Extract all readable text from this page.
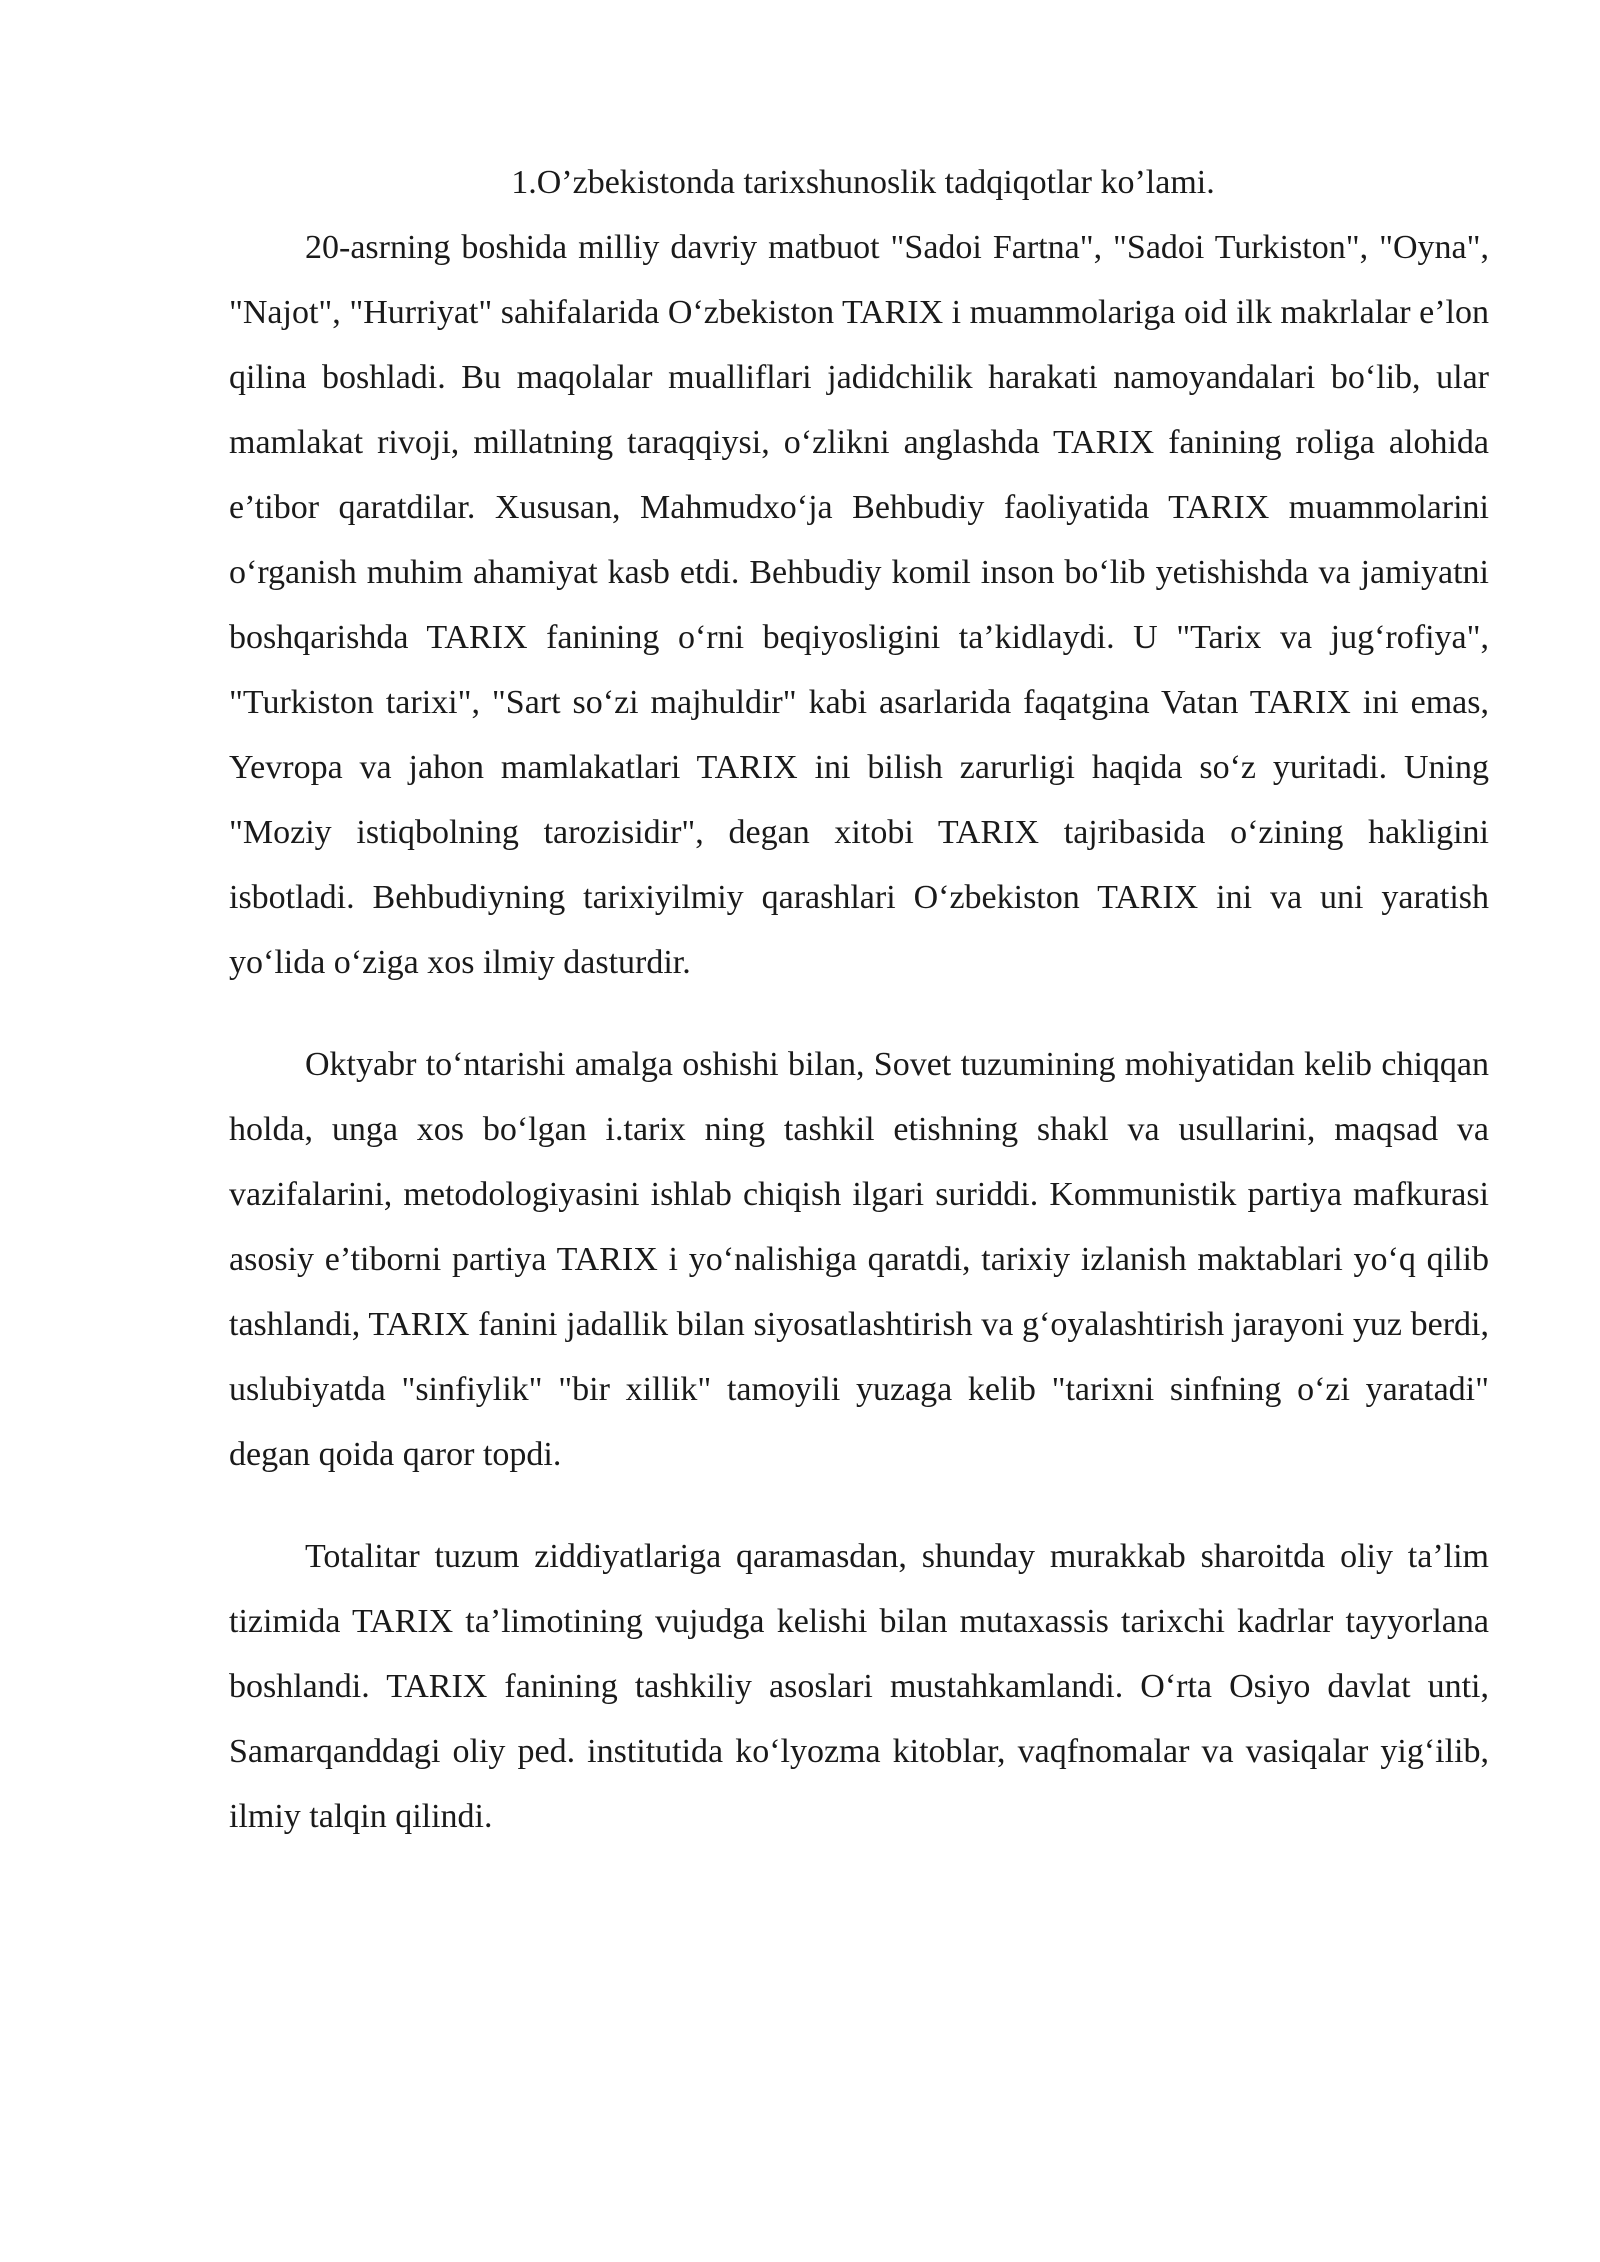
1.O’zbekistonda tarixshunoslik tadqiqotlar ko’lami.

20-asrning boshida milliy davriy matbuot "Sadoi Fartna", "Sadoi Turkiston", "Oyna", "Najot", "Hurriyat" sahifalarida O‘zbekiston TARIX i muammolariga oid ilk makrlalar e’lon qilina boshladi. Bu maqolalar mualliflari jadidchilik harakati namoyandalari bo‘lib, ular mamlakat rivoji, millatning taraqqiysi, o‘zlikni anglashda TARIX fanining roliga alohida e’tibor qaratdilar. Xususan, Mahmudxo‘ja Behbudiy faoliyatida TARIX muammolarini o‘rganish muhim ahamiyat kasb etdi. Behbudiy komil inson bo‘lib yetishishda va jamiyatni boshqarishda TARIX fanining o‘rni beqiyosligini ta’kidlaydi. U "Tarix va jug‘rofiya", "Turkiston tarixi", "Sart so‘zi majhuldir" kabi asarlarida faqatgina Vatan TARIX ini emas, Yevropa va jahon mamlakatlari TARIX ini bilish zarurligi haqida so‘z yuritadi. Uning "Moziy istiqbolning tarozisidir", degan xitobi TARIX tajribasida o‘zining hakligini isbotladi. Behbudiyning tarixiyilmiy qarashlari O‘zbekiston TARIX ini va uni yaratish yo‘lida o‘ziga xos ilmiy dasturdir.

Oktyabr to‘ntarishi amalga oshishi bilan, Sovet tuzumining mohiyatidan kelib chiqqan holda, unga xos bo‘lgan i.tarix ning tashkil etishning shakl va usullarini, maqsad va vazifalarini, metodologiyasini ishlab chiqish ilgari suriddi. Kommunistik partiya mafkurasi asosiy e’tiborni partiya TARIX i yo‘nalishiga qaratdi, tarixiy izlanish maktablari yo‘q qilib tashlandi, TARIX fanini jadallik bilan siyosatlashtirish va g‘oyalashtirish jarayoni yuz berdi, uslubiyatda "sinfiylik" "bir xillik" tamoyili yuzaga kelib "tarixni sinfning o‘zi yaratadi" degan qoida qaror topdi.

Totalitar tuzum ziddiyatlariga qaramasdan, shunday murakkab sharoitda oliy ta’lim tizimida TARIX ta’limotining vujudga kelishi bilan mutaxassis tarixchi kadrlar tayyorlana boshlandi. TARIX fanining tashkiliy asoslari mustahkamlandi. O‘rta Osiyo davlat unti, Samarqanddagi oliy ped. institutida ko‘lyozma kitoblar, vaqfnomalar va vasiqalar yig‘ilib, ilmiy talqin qilindi.
